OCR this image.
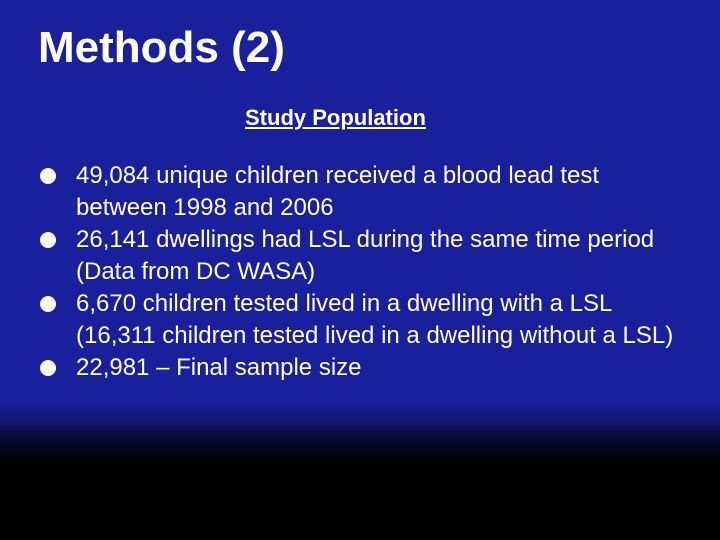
Methods (2)
Study Population
49,084 unique children received a blood lead test between 1998 and 2006
26,141 dwellings had LSL during the same time period (Data from DC WASA)
6,670 children tested lived in a dwelling with a LSL (16,311 children tested lived in a dwelling without a LSL)
22,981 – Final sample size
